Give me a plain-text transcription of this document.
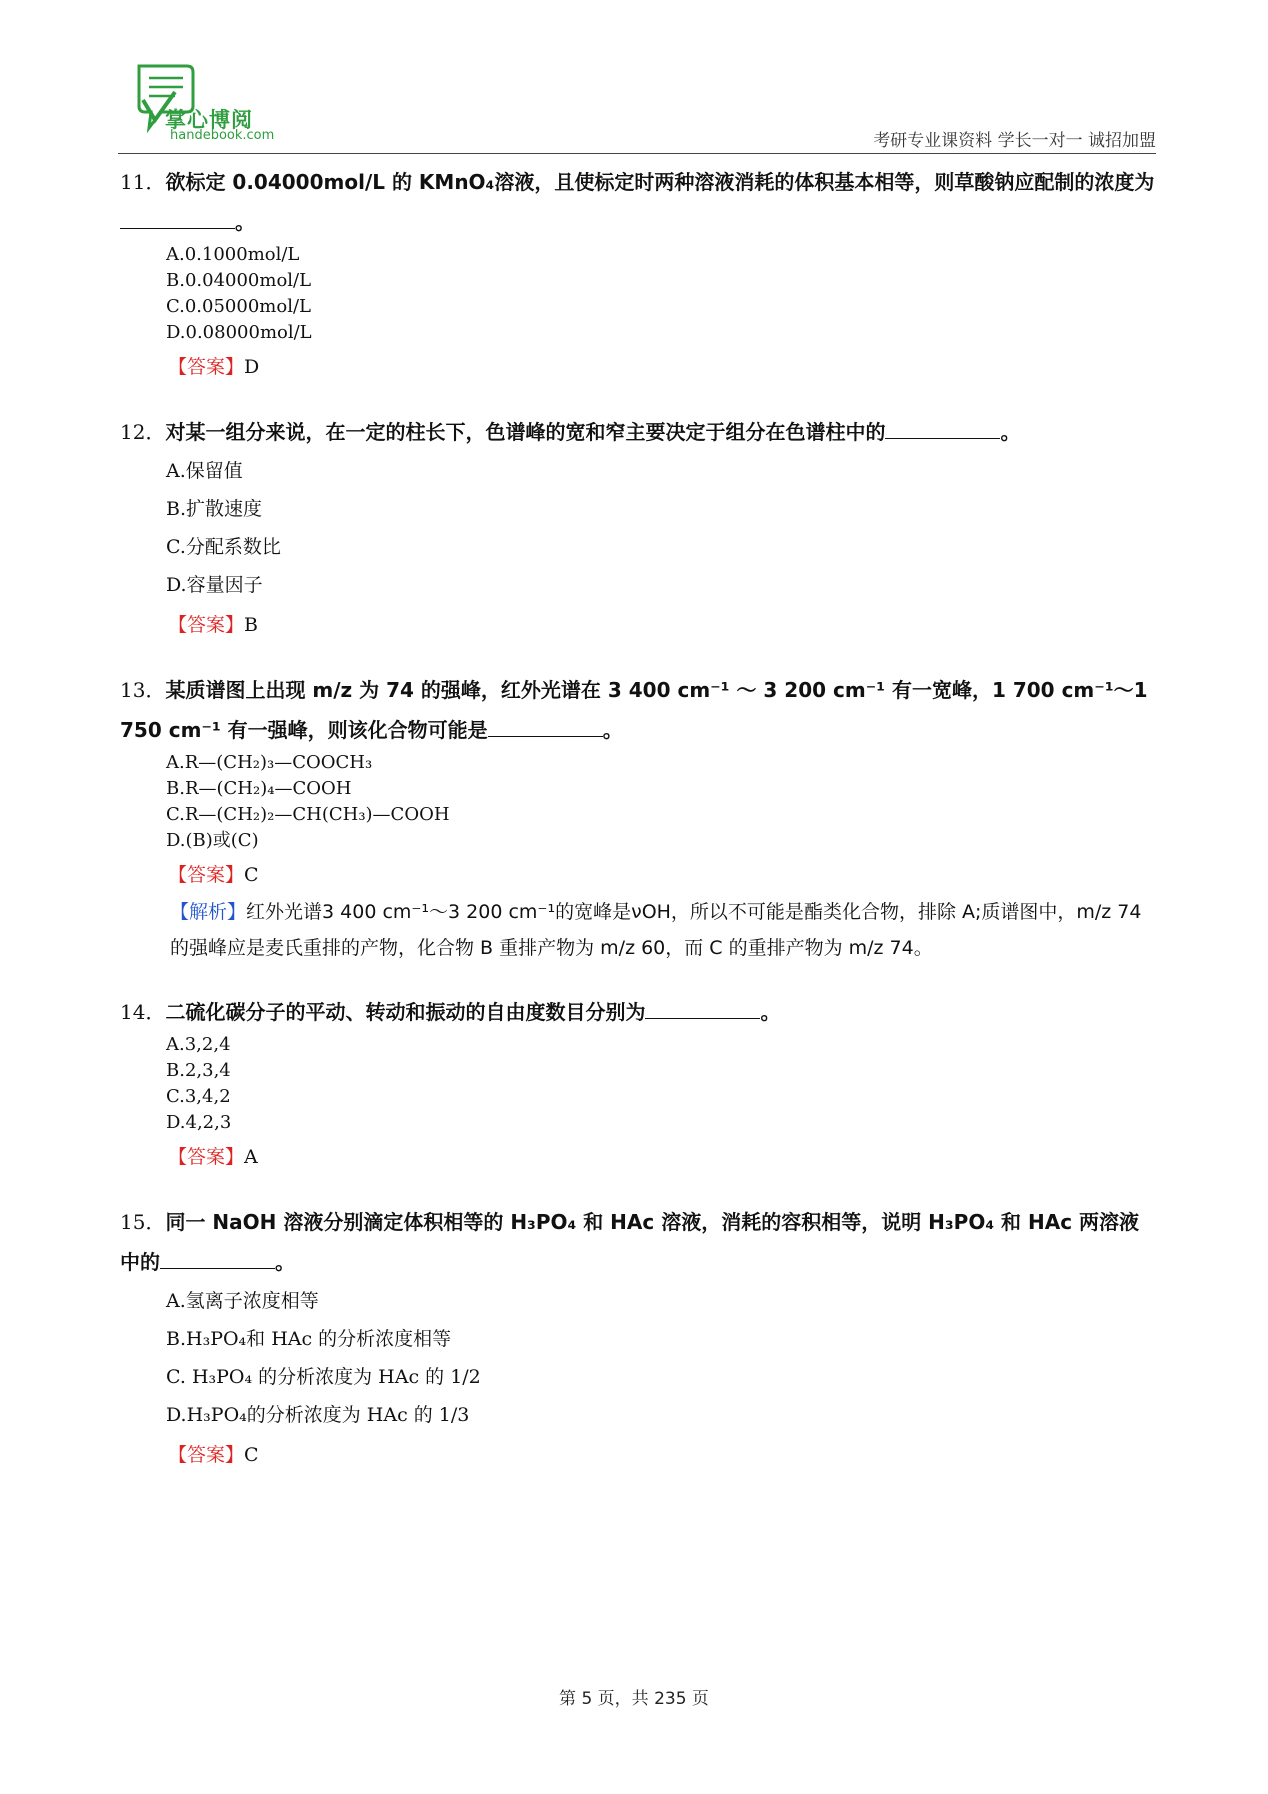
掌心博阅
handebook.com	考研专业课资料 学长一对一 诚招加盟
11．欲标定 0.04000mol/L 的 KMnO₄溶液，且使标定时两种溶液消耗的体积基本相等，则草酸钠应配制的浓度为。
A.0.1000mol/L
B.0.04000mol/L
C.0.05000mol/L
D.0.08000mol/L
【答案】D
12．对某一组分来说，在一定的柱长下，色谱峰的宽和窄主要决定于组分在色谱柱中的	。
A.保留值
B.扩散速度
C.分配系数比
D.容量因子
【答案】B
13．某质谱图上出现 m/z 为 74 的强峰，红外光谱在 3 400 cm⁻¹ ～ 3 200 cm⁻¹ 有一宽峰，1 700 cm⁻¹～1 750 cm⁻¹ 有一强峰，则该化合物可能是	。
A.R—(CH₂)₃—COOCH₃
B.R—(CH₂)₄—COOH
C.R—(CH₂)₂—CH(CH₃)—COOH
D.(B)或(C)
【答案】C
【解析】红外光谱3 400 cm⁻¹～3 200 cm⁻¹的宽峰是νOH，所以不可能是酯类化合物，排除 A;质谱图中，m/z 74 的强峰应是麦氏重排的产物，化合物 B 重排产物为 m/z 60，而 C 的重排产物为 m/z 74。
14．二硫化碳分子的平动、转动和振动的自由度数目分别为	。
A.3,2,4
B.2,3,4
C.3,4,2
D.4,2,3
【答案】A
15．同一 NaOH 溶液分别滴定体积相等的 H₃PO₄ 和 HAc 溶液，消耗的容积相等，说明 H₃PO₄ 和 HAc 两溶液中的	。
A.氢离子浓度相等
B.H₃PO₄和 HAc 的分析浓度相等
C. H₃PO₄ 的分析浓度为 HAc 的 1/2
D.H₃PO₄的分析浓度为 HAc 的 1/3
【答案】C
第 5 页，共 235 页
